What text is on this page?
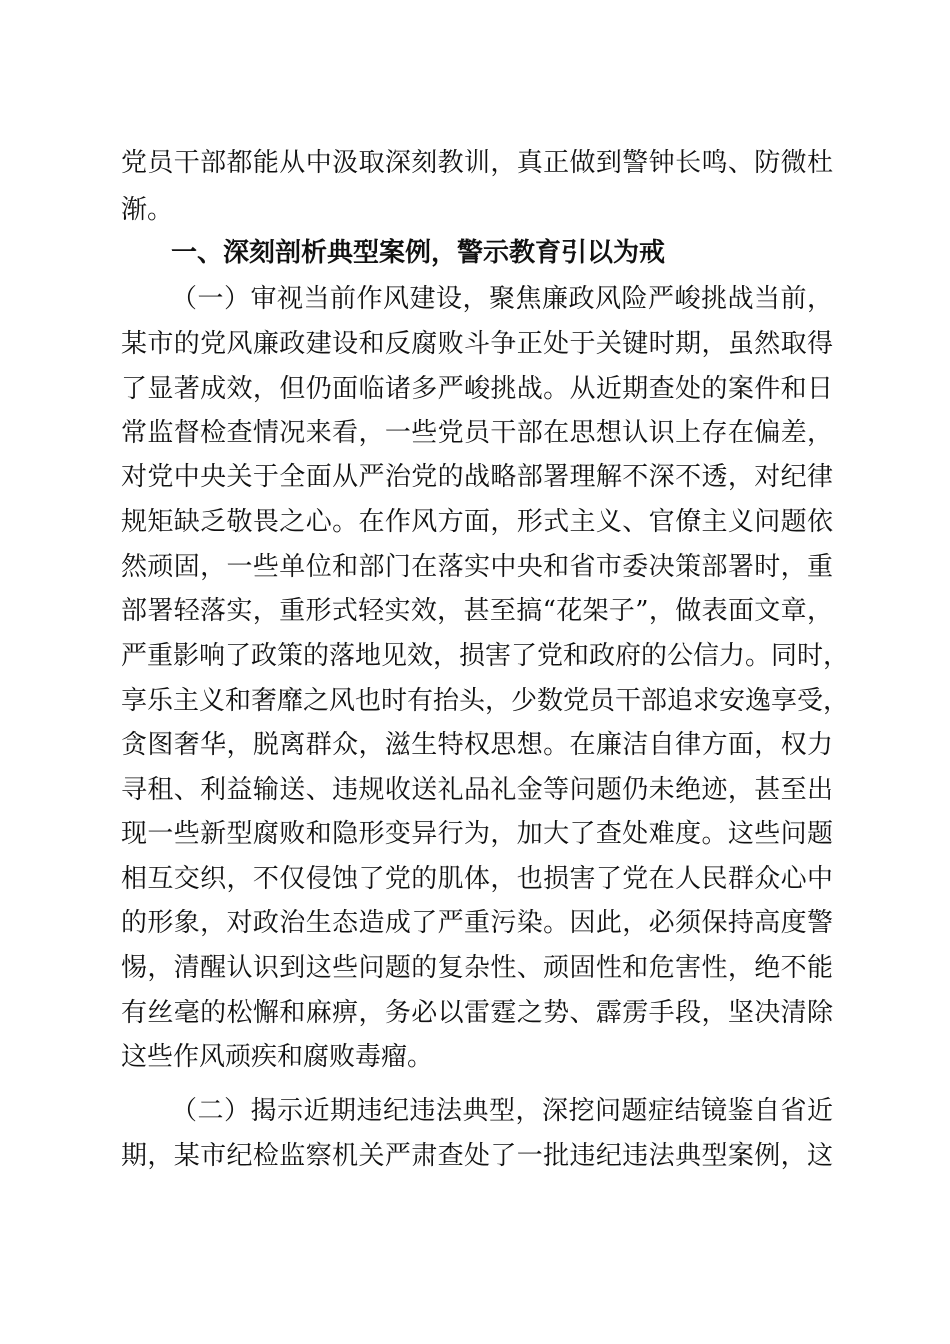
党员干部都能从中汲取深刻教训，真正做到警钟长鸣、防微杜
渐。
一、深刻剖析典型案例，警示教育引以为戒
（一）审视当前作风建设，聚焦廉政风险严峻挑战当前，
某市的党风廉政建设和反腐败斗争正处于关键时期，虽然取得
了显著成效，但仍面临诸多严峻挑战。从近期查处的案件和日
常监督检查情况来看，一些党员干部在思想认识上存在偏差，
对党中央关于全面从严治党的战略部署理解不深不透，对纪律
规矩缺乏敬畏之心。在作风方面，形式主义、官僚主义问题依
然顽固，一些单位和部门在落实中央和省市委决策部署时，重
部署轻落实，重形式轻实效，甚至搞“花架子”，做表面文章，
严重影响了政策的落地见效，损害了党和政府的公信力。同时，
享乐主义和奢靡之风也时有抬头，少数党员干部追求安逸享受，
贪图奢华，脱离群众，滋生特权思想。在廉洁自律方面，权力
寻租、利益输送、违规收送礼品礼金等问题仍未绝迹，甚至出
现一些新型腐败和隐形变异行为，加大了查处难度。这些问题
相互交织，不仅侵蚀了党的肌体，也损害了党在人民群众心中
的形象，对政治生态造成了严重污染。因此，必须保持高度警
惕，清醒认识到这些问题的复杂性、顽固性和危害性，绝不能
有丝毫的松懈和麻痹，务必以雷霆之势、霹雳手段，坚决清除
这些作风顽疾和腐败毒瘤。
（二）揭示近期违纪违法典型，深挖问题症结镜鉴自省近
期，某市纪检监察机关严肃查处了一批违纪违法典型案例，这
